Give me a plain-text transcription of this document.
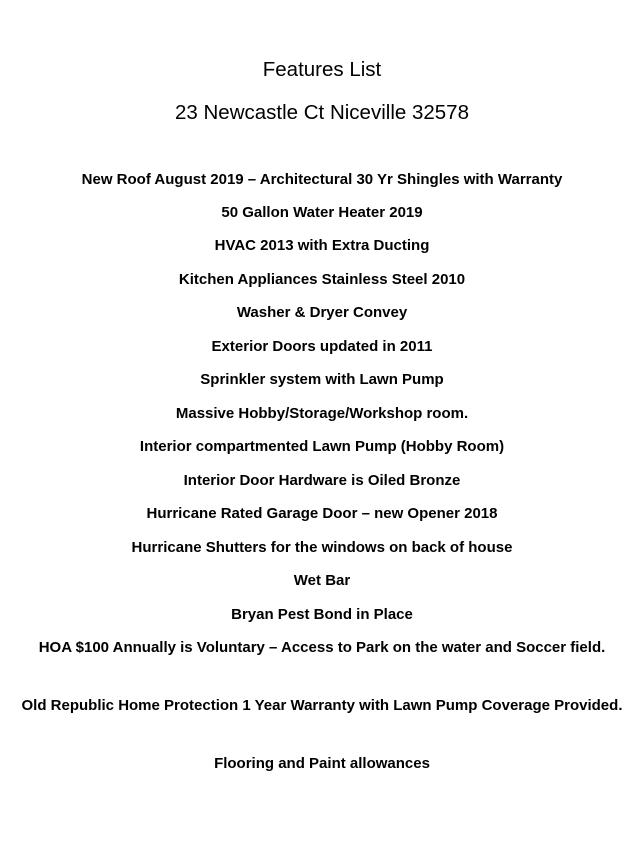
Features List
23 Newcastle Ct Niceville 32578
New Roof August 2019 – Architectural 30 Yr Shingles with Warranty
50 Gallon Water Heater 2019
HVAC 2013 with Extra Ducting
Kitchen Appliances Stainless Steel 2010
Washer & Dryer Convey
Exterior Doors updated in 2011
Sprinkler system with Lawn Pump
Massive Hobby/Storage/Workshop room.
Interior compartmented Lawn Pump (Hobby Room)
Interior Door Hardware is Oiled Bronze
Hurricane Rated Garage Door – new Opener 2018
Hurricane Shutters for the windows on back of house
Wet Bar
Bryan Pest Bond in Place
HOA $100 Annually is Voluntary – Access to Park on the water and Soccer field.
Old Republic Home Protection 1 Year Warranty with Lawn Pump Coverage Provided.
Flooring and Paint allowances
